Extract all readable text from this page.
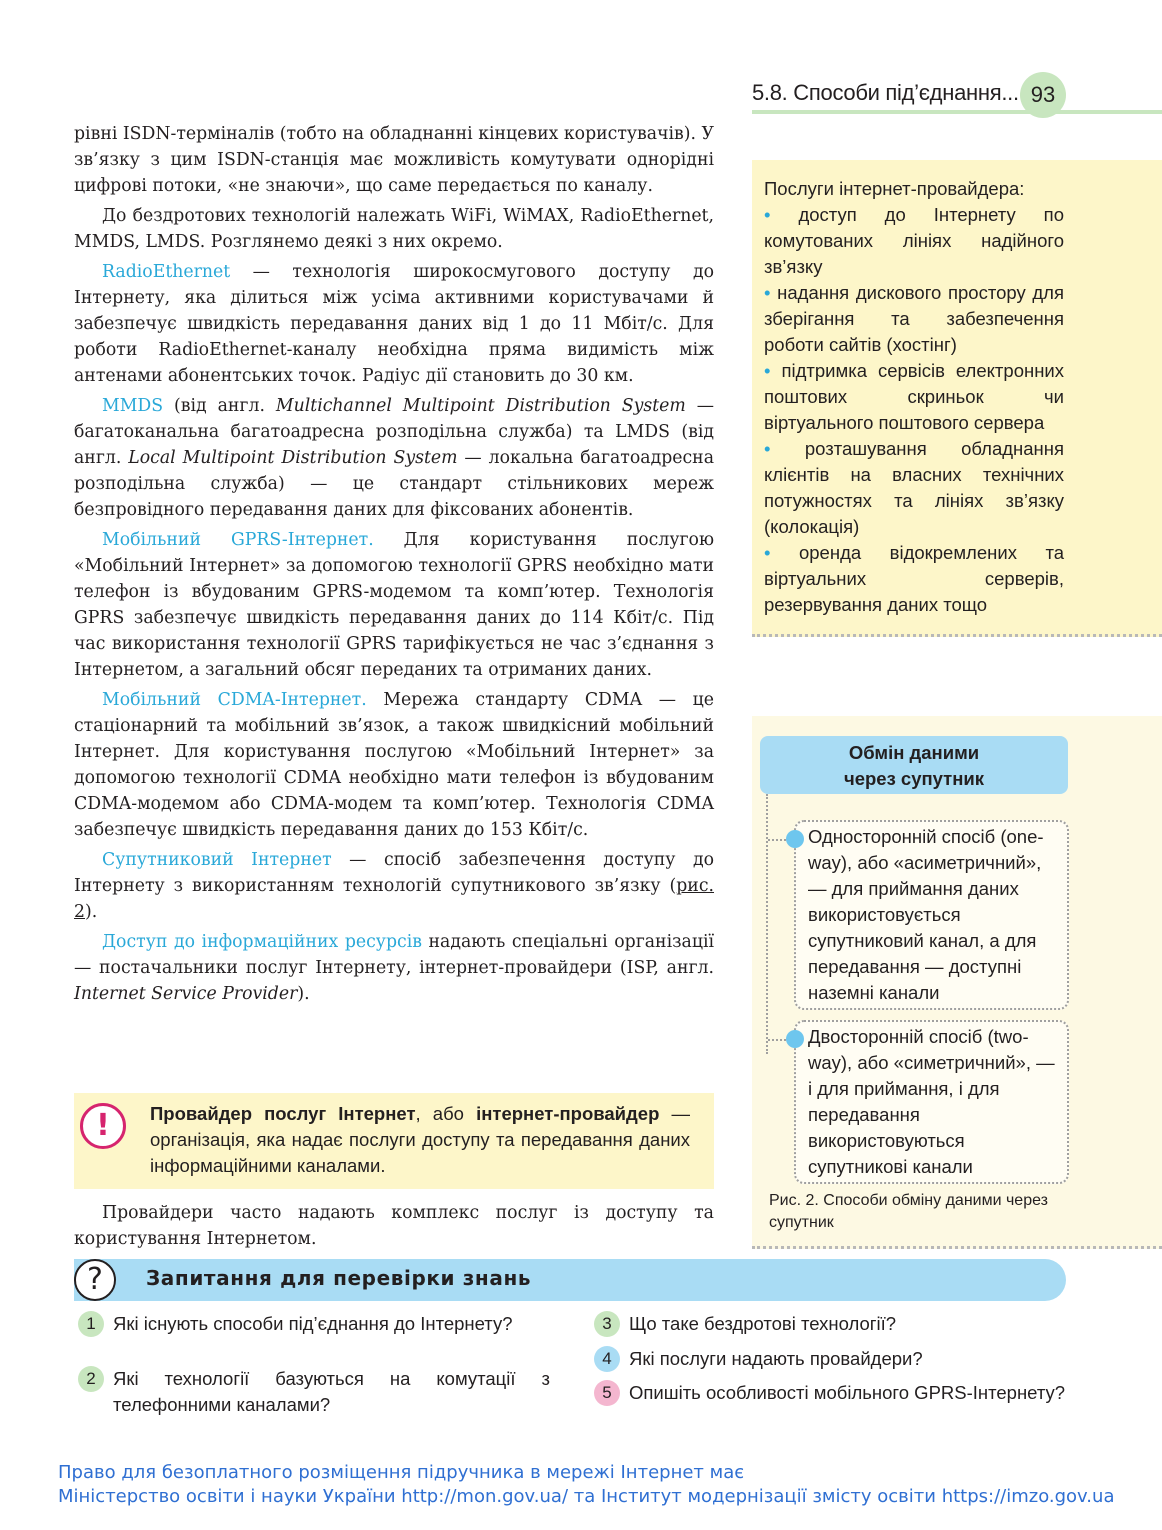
5.8. Способи під’єднання... 93

рівні ISDN-терміналів (тобто на обладнанні кінцевих користувачів). У зв’язку з цим ISDN-станція має можливість комутувати однорідні цифрові потоки, «не знаючи», що саме передається по каналу.

До бездротових технологій належать WiFi, WiMAX, RadioEthernet, MMDS, LMDS. Розглянемо деякі з них окремо.

RadioEthernet — технологія широкосмугового доступу до Інтернету, яка ділиться між усіма активними користувачами й забезпечує швидкість передавання даних від 1 до 11 Мбіт/с. Для роботи RadioEthernet-каналу необхідна пряма видимість між антенами абонентських точок. Радіус дії становить до 30 км.

MMDS (від англ. Multichannel Multipoint Distribution System — багатоканальна багатоадресна розподільна служба) та LMDS (від англ. Local Multipoint Distribution System — локальна багатоадресна розподільна служба) — це стандарт стільникових мереж безпровідного передавання даних для фіксованих абонентів.

Мобільний GPRS-Інтернет. Для користування послугою «Мобільний Інтернет» за допомогою технології GPRS необхідно мати телефон із вбудованим GPRS-модемом та комп’ютер. Технологія GPRS забезпечує швидкість передавання даних до 114 Кбіт/с. Під час використання технології GPRS тарифікується не час з’єднання з Інтернетом, а загальний обсяг переданих та отриманих даних.

Мобільний CDMA-Інтернет. Мережа стандарту CDMA — це стаціонарний та мобільний зв’язок, а також швидкісний мобільний Інтернет. Для користування послугою «Мобільний Інтернет» за допомогою технології CDMA необхідно мати телефон із вбудованим CDMA-модемом або CDMA-модем та комп’ютер. Технологія CDMA забезпечує швидкість передавання даних до 153 Кбіт/с.

Супутниковий Інтернет — спосіб забезпечення доступу до Інтернету з використанням технологій супутникового зв’язку (рис. 2).

Доступ до інформаційних ресурсів надають спеціальні організації — постачальники послуг Інтернету, інтернет-провайдери (ISP, англ. Internet Service Provider).

!	Провайдер послуг Інтернет, або інтернет-провайдер — організація, яка надає послуги доступу та передавання даних інформаційними каналами.

Провайдери часто надають комплекс послуг із доступу та користування Інтернетом.

Послуги інтернет-провайдера:

• доступ до Інтернету по комутованих лініях надійного зв’язку

• надання дискового простору для зберігання та забезпечення роботи сайтів (хостінг)

• підтримка сервісів електронних поштових скриньок чи віртуального поштового сервера

• розташування обладнання клієнтів на власних технічних потужностях та лініях зв’язку (колокація)

• оренда відокремлених та віртуальних серверів, резервування даних тощо

Обмін даними
через супутник
Односторонній спосіб (one-way), або «асиметричний», — для приймання даних використовується супутниковий канал, а для передавання — доступні наземні канали
Двосторонній спосіб (two-way), або «симетричний», — і для приймання, і для передавання використовуються супутникові канали
Рис. 2. Способи обміну даними через супутник
?	Запитання для перевірки знань
1 Які існують способи під’єднання до Інтернету?
2 Які технології базуються на комутації з телефонними каналами?
3 Що таке бездротові технології?
4 Які послуги надають провайдери?
5 Опишіть особливості мобільного GPRS-Інтернету?
Право для безоплатного розміщення підручника в мережі Інтернет має
Міністерство освіти і науки України http://mon.gov.ua/ та Інститут модернізації змісту освіти https://imzo.gov.ua
